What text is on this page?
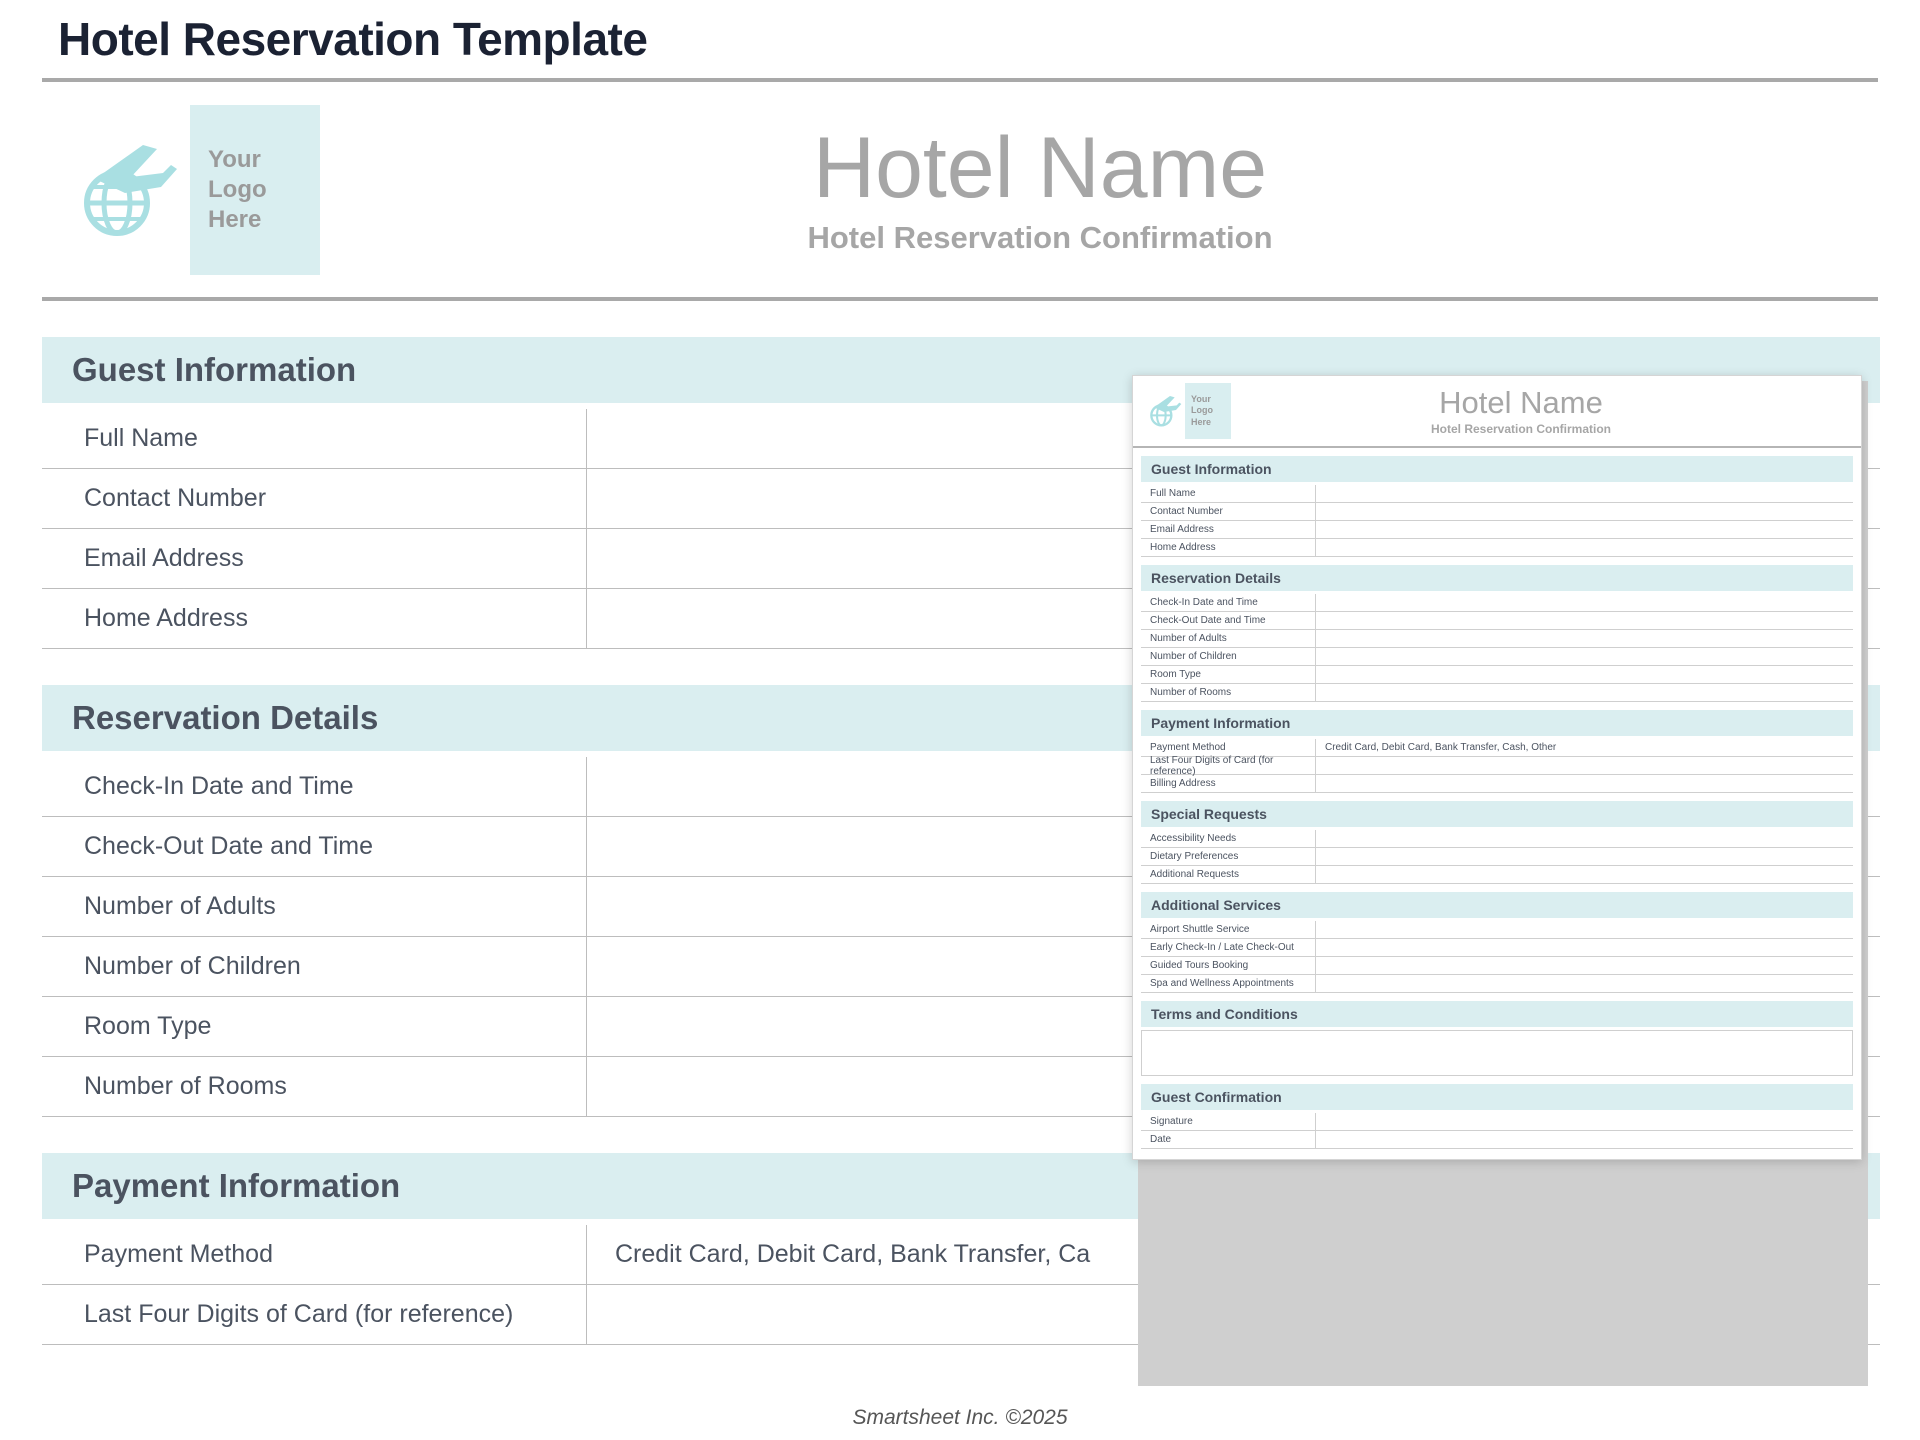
Hotel Reservation Template
Your
Logo
Here
Hotel Name
Hotel Reservation Confirmation
Guest Information
Full Name
Contact Number
Email Address
Home Address
Reservation Details
Check-In Date and Time
Check-Out Date and Time
Number of Adults
Number of Children
Room Type
Number of Rooms
Payment Information
Payment Method	Credit Card, Debit Card, Bank Transfer, Ca
Last Four Digits of Card (for reference)
Your
Logo
Here
Hotel Name
Hotel Reservation Confirmation
Guest Information
Full Name
Contact Number
Email Address
Home Address
Reservation Details
Check-In Date and Time
Check-Out Date and Time
Number of Adults
Number of Children
Room Type
Number of Rooms
Payment Information
Payment Method	Credit Card, Debit Card, Bank Transfer, Cash, Other
Last Four Digits of Card (for reference)
Billing Address
Special Requests
Accessibility Needs
Dietary Preferences
Additional Requests
Additional Services
Airport Shuttle Service
Early Check-In / Late Check-Out
Guided Tours Booking
Spa and Wellness Appointments
Terms and Conditions
Guest Confirmation
Signature
Date
Smartsheet Inc. ©2025
